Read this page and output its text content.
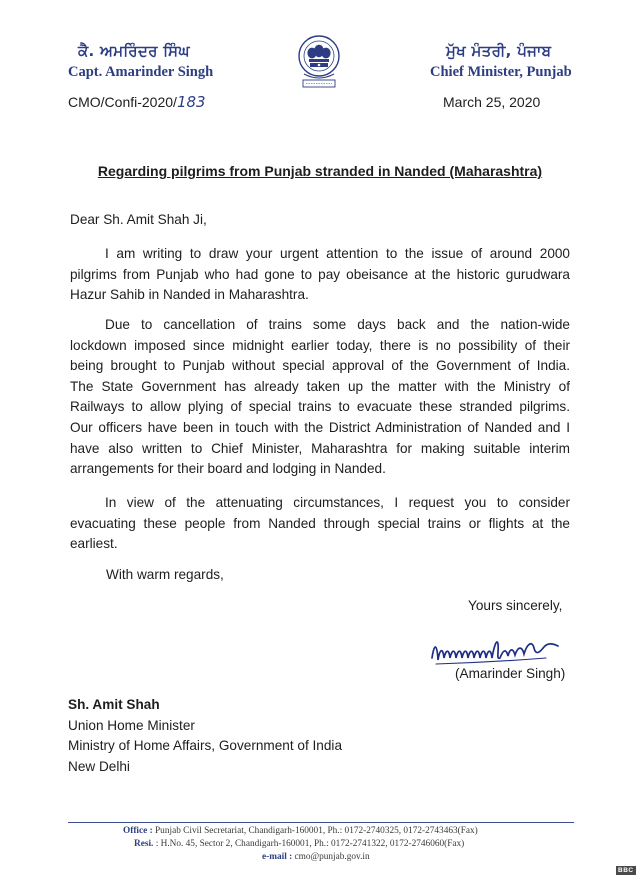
ਕੈ. ਅਮਰਿੰਦਰ ਸਿੰਘ
Capt. Amarinder Singh
ਮੁੱਖ ਮੰਤਰੀ, ਪੰਜਾਬ
Chief Minister, Punjab
CMO/Confi-2020/183	March 25, 2020
Regarding pilgrims from Punjab stranded in Nanded (Maharashtra)
Dear Sh. Amit Shah Ji,
I am writing to draw your urgent attention to the issue of around 2000
pilgrims from Punjab who had gone to pay obeisance at the historic gurudwara
Hazur Sahib in Nanded in Maharashtra.
Due to cancellation of trains some days back and the nation-wide
lockdown imposed since midnight earlier today, there is no possibility of their
being brought to Punjab without special approval of the Government of India.
The State Government has already taken up the matter with the Ministry of
Railways to allow plying of special trains to evacuate these stranded pilgrims.
Our officers have been in touch with the District Administration of Nanded and I
have also written to Chief Minister, Maharashtra for making suitable interim
arrangements for their board and lodging in Nanded.
In view of the attenuating circumstances, I request you to consider
evacuating these people from Nanded through special trains or flights at the
earliest.
With warm regards,
Yours sincerely,
(Amarinder Singh)
Sh. Amit Shah
Union Home Minister
Ministry of Home Affairs, Government of India
New Delhi
Office : Punjab Civil Secretariat, Chandigarh-160001, Ph.: 0172-2740325, 0172-2743463(Fax)
Resi. : H.No. 45, Sector 2, Chandigarh-160001, Ph.: 0172-2741322, 0172-2746060(Fax)
e-mail : cmo@punjab.gov.in
BBC
